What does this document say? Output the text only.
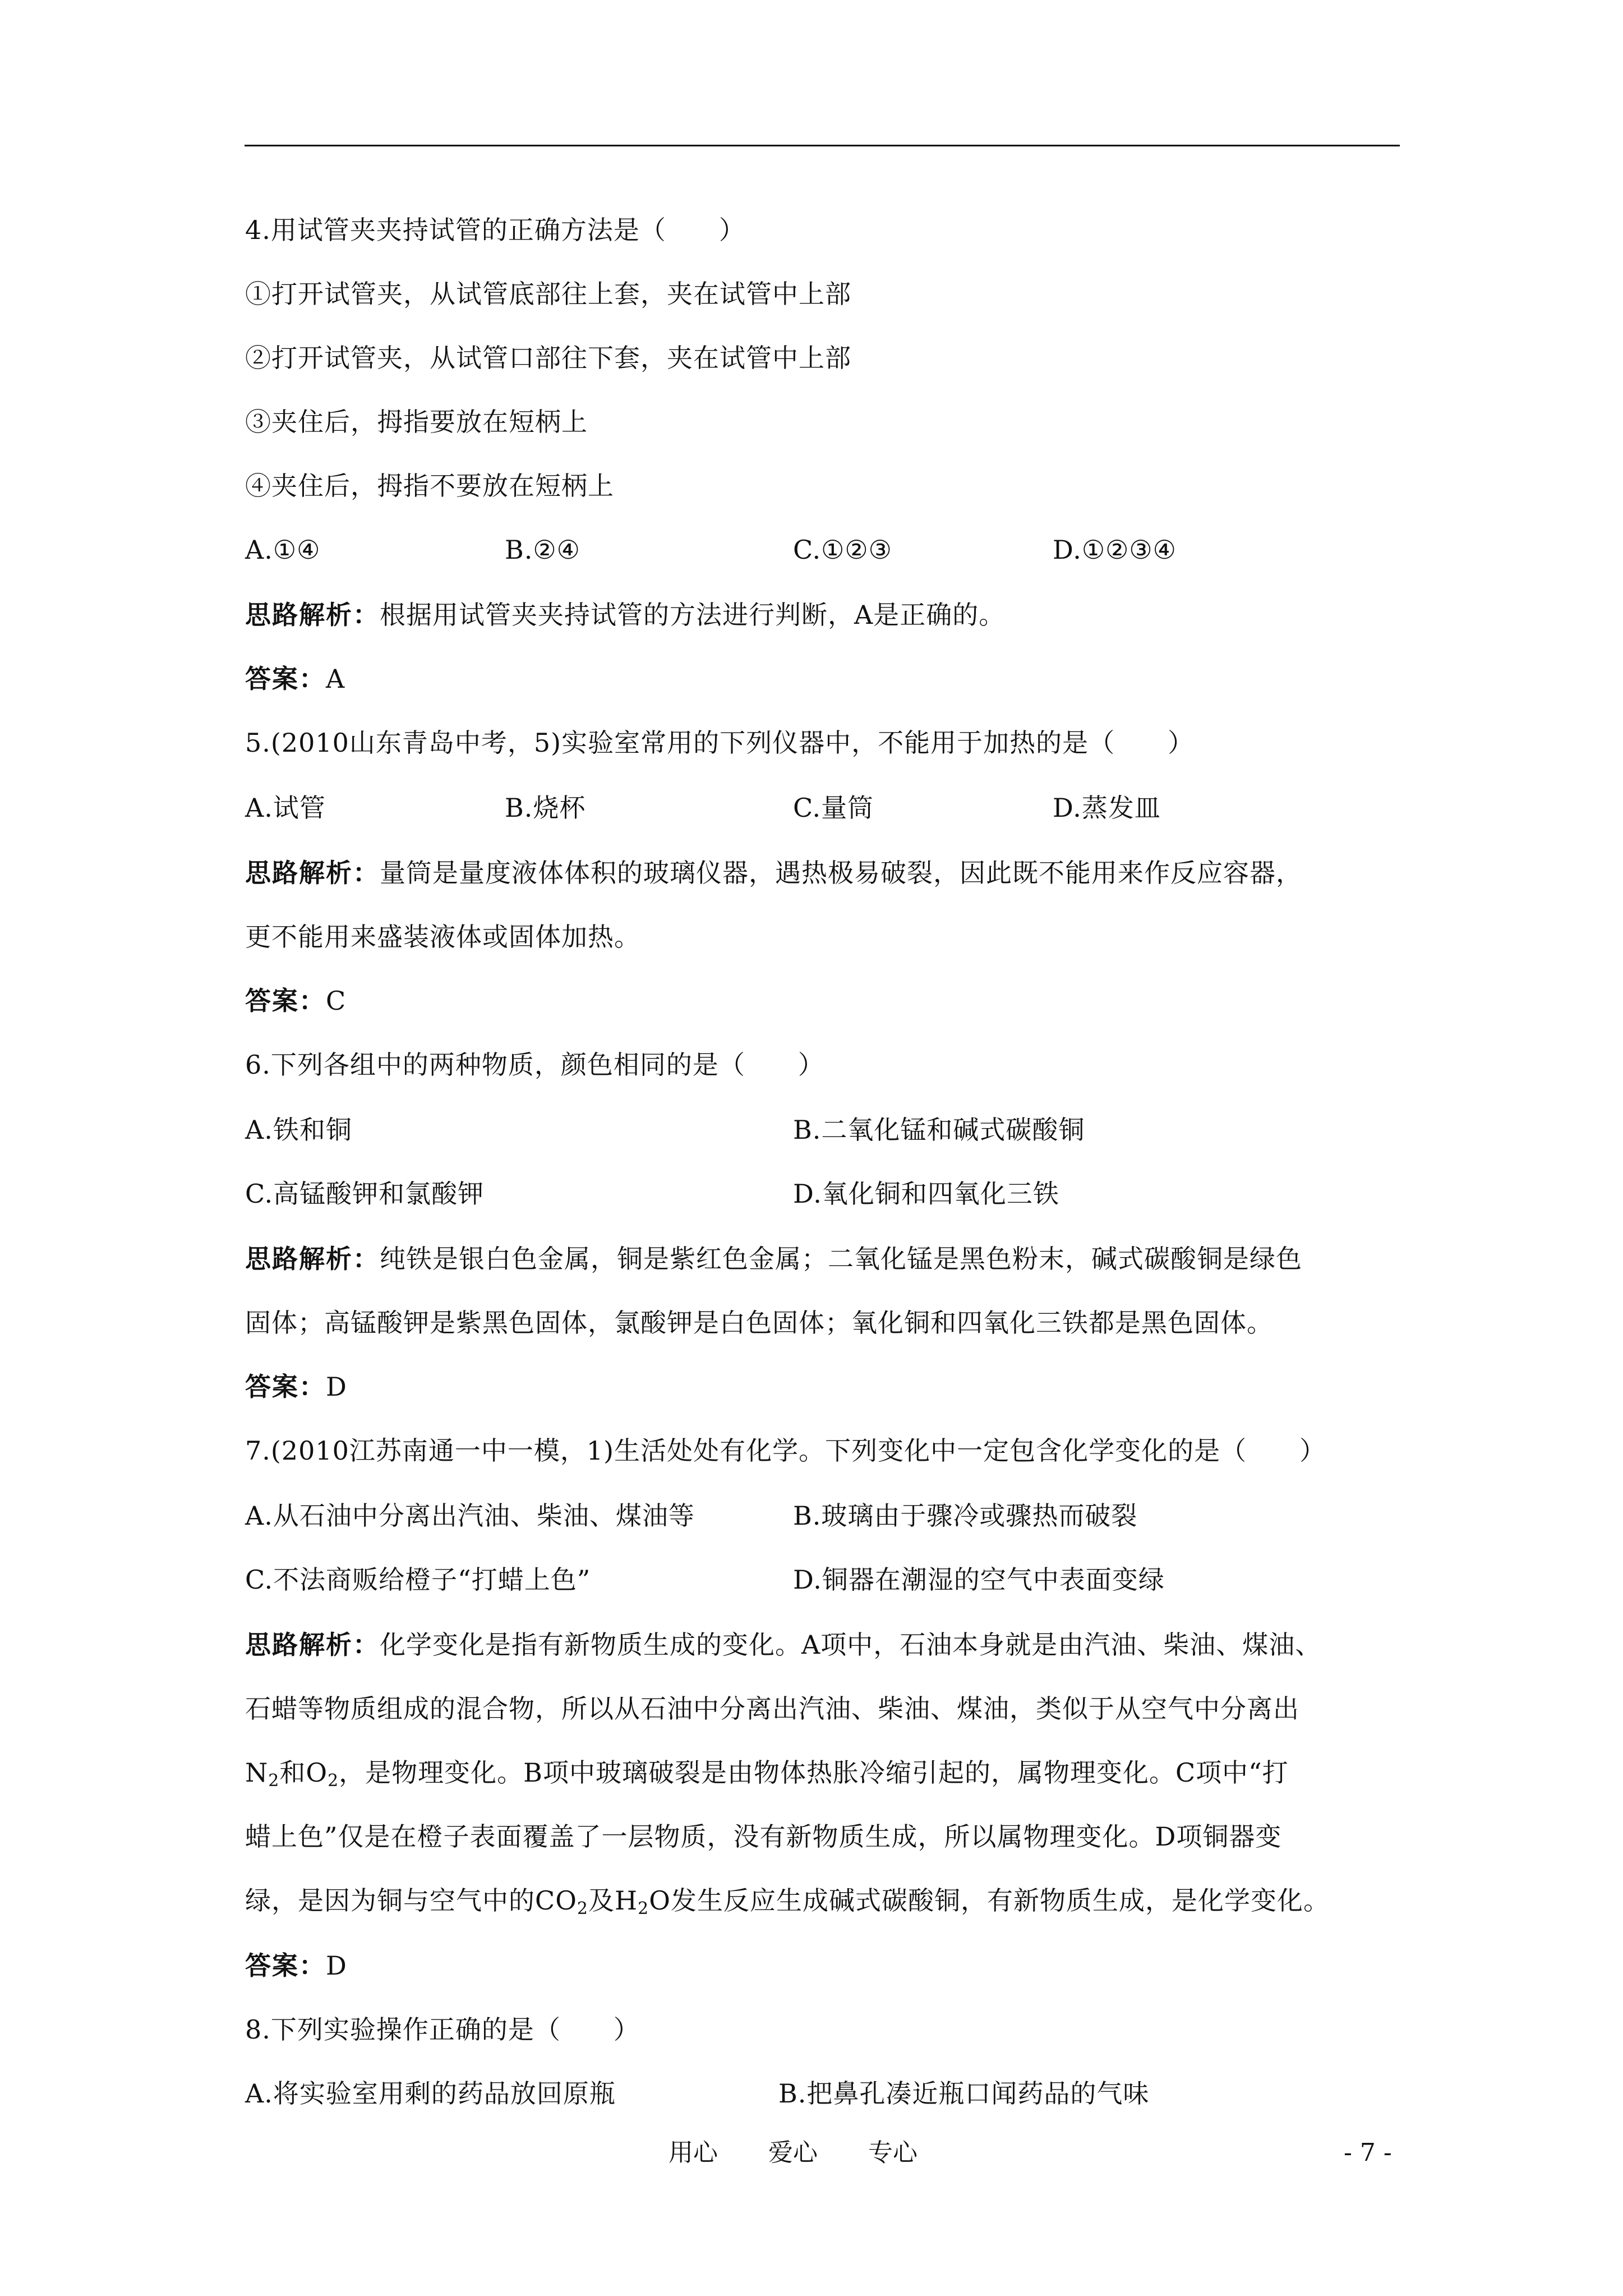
4.用试管夹夹持试管的正确方法是（　　）
①打开试管夹，从试管底部往上套，夹在试管中上部
②打开试管夹，从试管口部往下套，夹在试管中上部
③夹住后，拇指要放在短柄上
④夹住后，拇指不要放在短柄上
A.①④	B.②④	C.①②③	D.①②③④
思路解析：根据用试管夹夹持试管的方法进行判断，A是正确的。
答案：A
5.(2010山东青岛中考，5)实验室常用的下列仪器中，不能用于加热的是（　　）
A.试管	B.烧杯	C.量筒	D.蒸发皿
思路解析：量筒是量度液体体积的玻璃仪器，遇热极易破裂，因此既不能用来作反应容器，
更不能用来盛装液体或固体加热。
答案：C
6.下列各组中的两种物质，颜色相同的是（　　）
A.铁和铜	B.二氧化锰和碱式碳酸铜
C.高锰酸钾和氯酸钾	D.氧化铜和四氧化三铁
思路解析：纯铁是银白色金属，铜是紫红色金属；二氧化锰是黑色粉末，碱式碳酸铜是绿色
固体；高锰酸钾是紫黑色固体，氯酸钾是白色固体；氧化铜和四氧化三铁都是黑色固体。
答案：D
7.(2010江苏南通一中一模，1)生活处处有化学。下列变化中一定包含化学变化的是（　　）
A.从石油中分离出汽油、柴油、煤油等	B.玻璃由于骤冷或骤热而破裂
C.不法商贩给橙子“打蜡上色”	D.铜器在潮湿的空气中表面变绿
思路解析：化学变化是指有新物质生成的变化。A项中，石油本身就是由汽油、柴油、煤油、
石蜡等物质组成的混合物，所以从石油中分离出汽油、柴油、煤油，类似于从空气中分离出
$N_2$和$O_2$，是物理变化。B项中玻璃破裂是由物体热胀冷缩引起的，属物理变化。C项中“打
蜡上色”仅是在橙子表面覆盖了一层物质，没有新物质生成，所以属物理变化。D项铜器变
绿，是因为铜与空气中的$CO_2$及$H_2O$发生反应生成碱式碳酸铜，有新物质生成，是化学变化。
答案：D
8.下列实验操作正确的是（　　）
A.将实验室用剩的药品放回原瓶	B.把鼻孔凑近瓶口闻药品的气味
用心 爱心 专心	- 7 -
